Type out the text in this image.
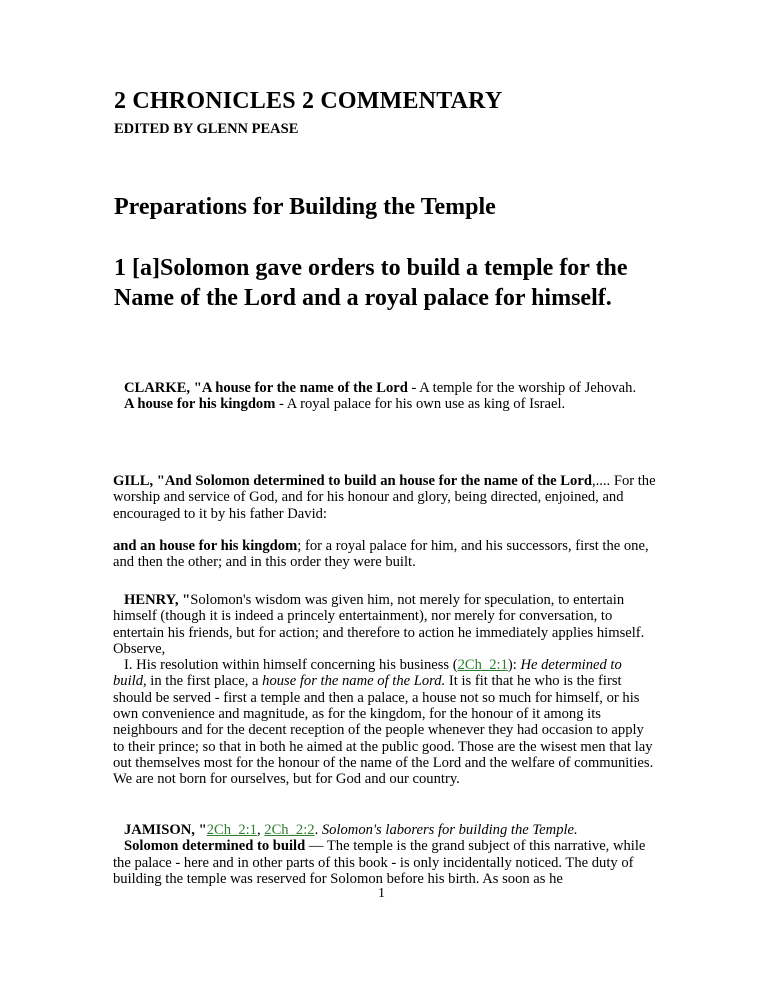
2 CHRONICLES 2 COMMENTARY
EDITED BY GLENN PEASE
Preparations for Building the Temple
1 [a]Solomon gave orders to build a temple for the
Name of the Lord and a royal palace for himself.

CLARKE, "A house for the name of the Lord - A temple for the worship of Jehovah.

A house for his kingdom - A royal palace for his own use as king of Israel.

GILL, "And Solomon determined to build an house for the name of the Lord,.... For the worship and service of God, and for his honour and glory, being directed, enjoined, and encouraged to it by his father David:

and an house for his kingdom; for a royal palace for him, and his successors, first the one, and then the other; and in this order they were built.

HENRY, "Solomon's wisdom was given him, not merely for speculation, to entertain himself (though it is indeed a princely entertainment), nor merely for conversation, to entertain his friends, but for action; and therefore to action he immediately applies himself. Observe,

I. His resolution within himself concerning his business (2Ch_2:1): He determined to build, in the first place, a house for the name of the Lord. It is fit that he who is the first should be served - first a temple and then a palace, a house not so much for himself, or his own convenience and magnitude, as for the kingdom, for the honour of it among its neighbours and for the decent reception of the people whenever they had occasion to apply to their prince; so that in both he aimed at the public good. Those are the wisest men that lay out themselves most for the honour of the name of the Lord and the welfare of communities. We are not born for ourselves, but for God and our country.

JAMISON, "2Ch_2:1, 2Ch_2:2. Solomon's laborers for building the Temple.

Solomon determined to build — The temple is the grand subject of this narrative, while the palace - here and in other parts of this book - is only incidentally noticed. The duty of building the temple was reserved for Solomon before his birth. As soon as he

1
